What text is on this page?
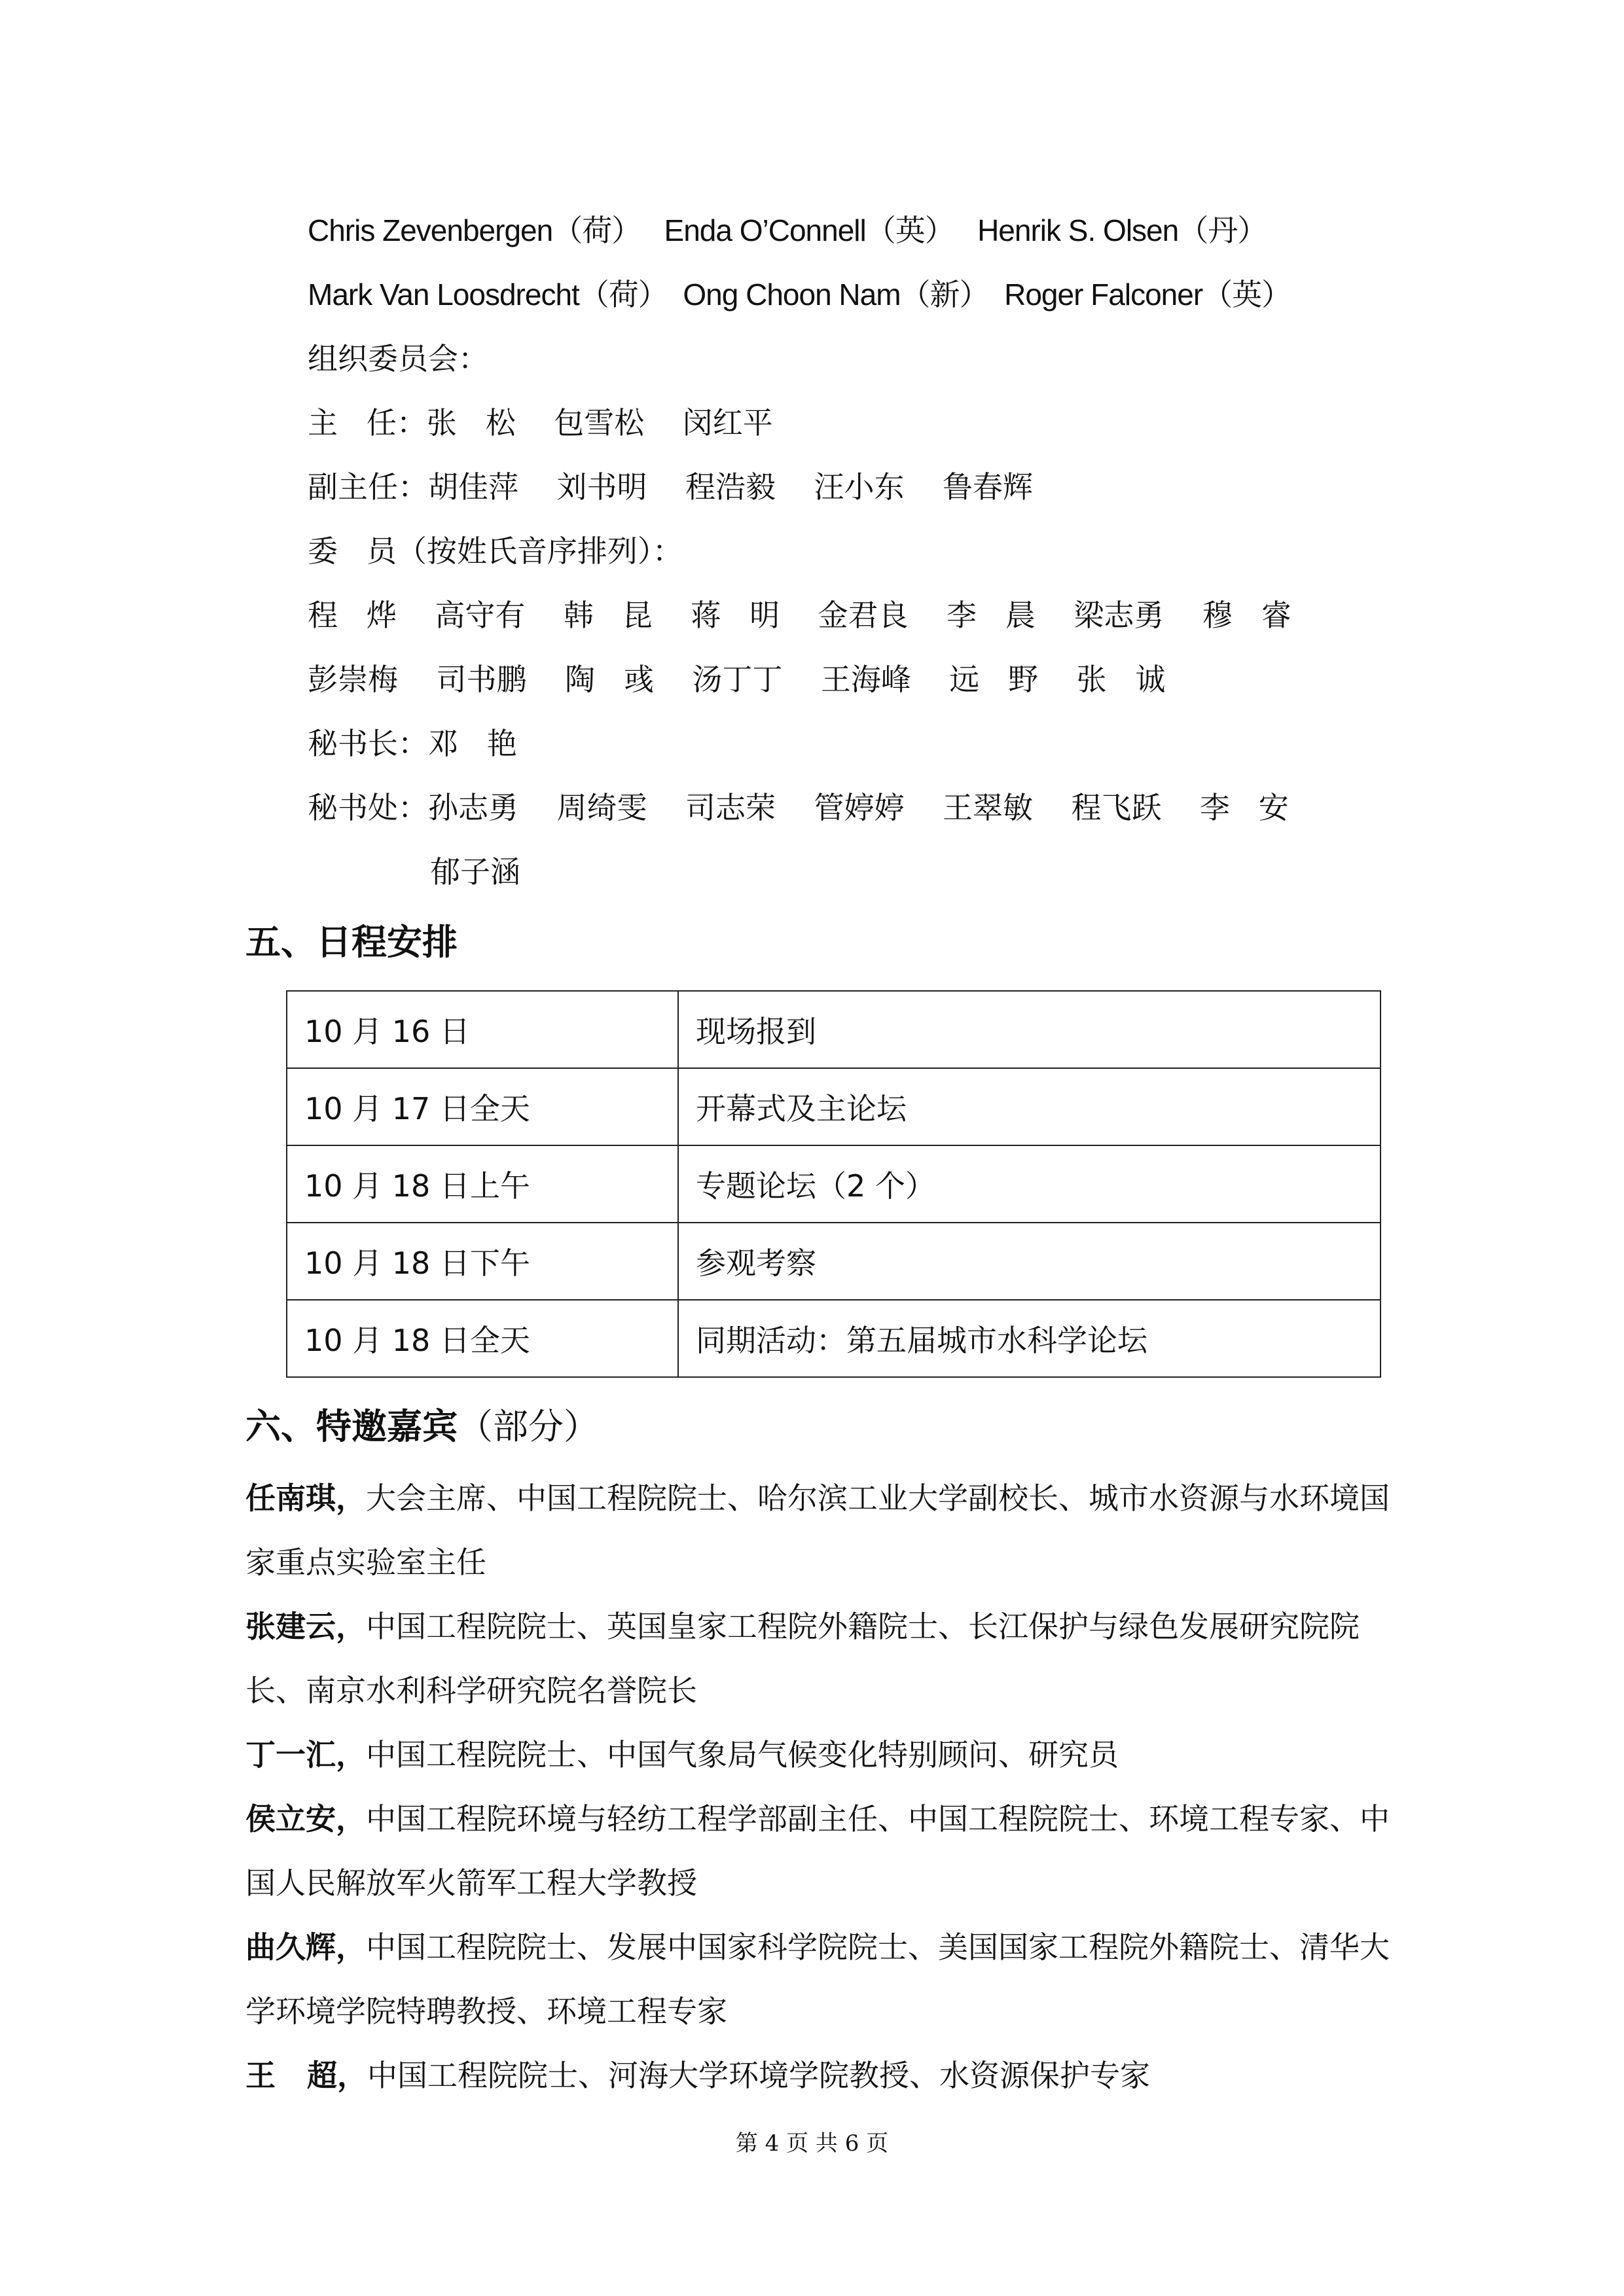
Chris Zevenbergen（荷）   Enda O’Connell（英）   Henrik S. Olsen（丹）
Mark Van Loosdrecht（荷）  Ong Choon Nam（新）  Roger Falconer（英）
组织委员会：
主   任：张   松    包雪松    闵红平
副主任：胡佳萍    刘书明    程浩毅    汪小东    鲁春辉
委   员（按姓氏音序排列）：
程   烨    高守有    韩   昆    蒋   明    金君良    李   晨    梁志勇    穆   睿
彭崇梅    司书鹏    陶   彧    汤丁丁    王海峰    远   野    张   诚
秘书长：邓   艳
秘书处：孙志勇    周绮雯    司志荣    管婷婷    王翠敏    程飞跃    李   安
郁子涵
五、日程安排
10 月 16 日	现场报到
10 月 17 日全天	开幕式及主论坛
10 月 18 日上午	专题论坛（2 个）
10 月 18 日下午	参观考察
10 月 18 日全天	同期活动：第五届城市水科学论坛
六、特邀嘉宾（部分）
任南琪，大会主席、中国工程院院士、哈尔滨工业大学副校长、城市水资源与水环境国家重点实验室主任
张建云，中国工程院院士、英国皇家工程院外籍院士、长江保护与绿色发展研究院院长、南京水利科学研究院名誉院长
丁一汇，中国工程院院士、中国气象局气候变化特别顾问、研究员
侯立安，中国工程院环境与轻纺工程学部副主任、中国工程院院士、环境工程专家、中国人民解放军火箭军工程大学教授
曲久辉，中国工程院院士、发展中国家科学院院士、美国国家工程院外籍院士、清华大学环境学院特聘教授、环境工程专家
王   超，中国工程院院士、河海大学环境学院教授、水资源保护专家
第 4 页 共 6 页
